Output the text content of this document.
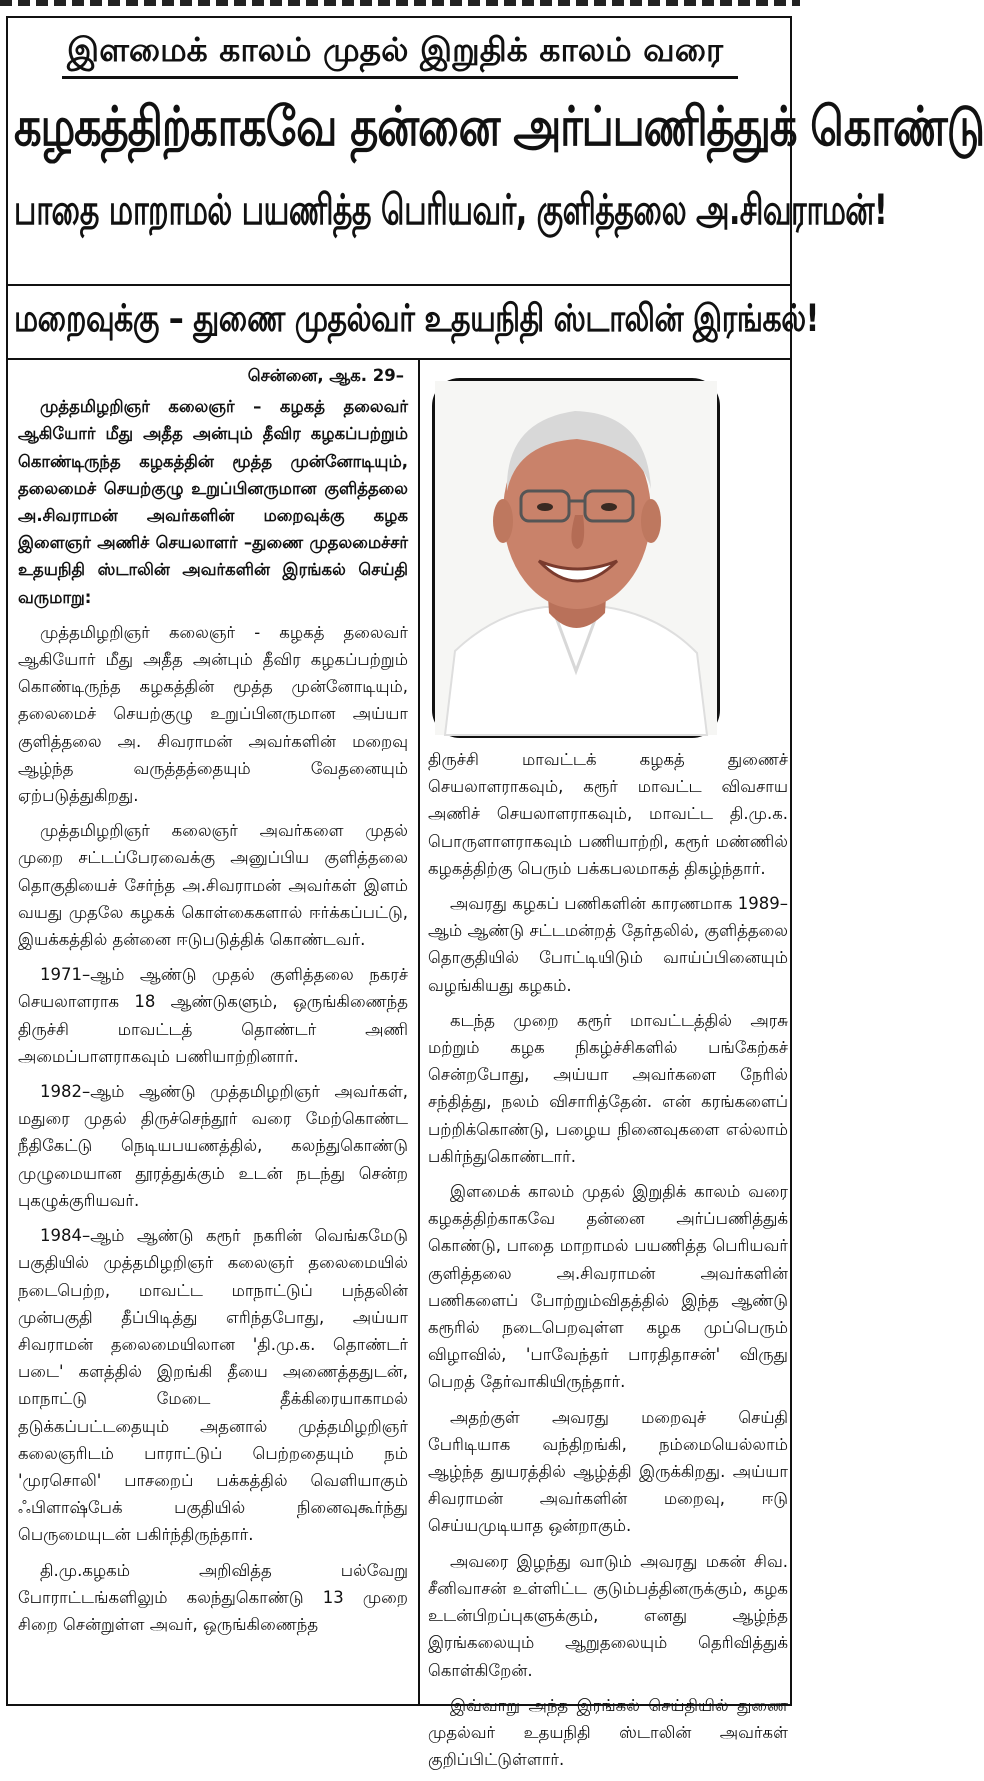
இளமைக் காலம் முதல் இறுதிக் காலம் வரை
கழகத்திற்காகவே தன்னை அர்ப்பணித்துக் கொண்டு
பாதை மாறாமல் பயணித்த பெரியவர், குளித்தலை அ.சிவராமன்!
மறைவுக்கு – துணை முதல்வர் உதயநிதி ஸ்டாலின் இரங்கல்!
சென்னை, ஆக. 29–

முத்தமிழறிஞர் கலைஞர் – கழகத் தலைவர் ஆகியோர் மீது அதீத அன்பும் தீவிர கழகப்பற்றும் கொண்டிருந்த கழகத்தின் மூத்த முன்னோடியும், தலைமைச் செயற்குழு உறுப்பினருமான குளித்தலை அ.சிவராமன் அவர்களின் மறைவுக்கு கழக இளைஞர் அணிச் செயலாளர் –துணை முதலமைச்சர் உதயநிதி ஸ்டாலின் அவர்களின் இரங்கல் செய்தி வருமாறு:

முத்தமிழறிஞர் கலைஞர் - கழகத் தலைவர் ஆகியோர் மீது அதீத அன்பும் தீவிர கழகப்பற்றும் கொண்டிருந்த கழகத்தின் மூத்த முன்னோடியும், தலைமைச் செயற்குழு உறுப்பினருமான அய்யா குளித்தலை அ. சிவராமன் அவர்களின் மறைவு ஆழ்ந்த வருத்தத்தையும் வேதனையும் ஏற்படுத்துகிறது.

முத்தமிழறிஞர் கலைஞர் அவர்களை முதல் முறை சட்டப்பேரவைக்கு அனுப்பிய குளித்தலை தொகுதியைச் சேர்ந்த அ.சிவராமன் அவர்கள் இளம் வயது முதலே கழகக் கொள்கைகளால் ஈர்க்கப்பட்டு, இயக்கத்தில் தன்னை ஈடுபடுத்திக் கொண்டவர்.

1971–ஆம் ஆண்டு முதல் குளித்தலை நகரச் செயலாளராக 18 ஆண்டுகளும், ஒருங்கிணைந்த திருச்சி மாவட்டத் தொண்டர் அணி அமைப்பாளராகவும் பணியாற்றினார்.

1982–ஆம் ஆண்டு முத்தமிழறிஞர் அவர்கள், மதுரை முதல் திருச்செந்தூர் வரை மேற்கொண்ட நீதிகேட்டு நெடியபயணத்தில், கலந்துகொண்டு முழுமையான தூரத்துக்கும் உடன் நடந்து சென்ற புகழுக்குரியவர்.

1984–ஆம் ஆண்டு கரூர் நகரின் வெங்கமேடு பகுதியில் முத்தமிழறிஞர் கலைஞர் தலைமையில் நடைபெற்ற, மாவட்ட மாநாட்டுப் பந்தலின் முன்பகுதி தீப்பிடித்து எரிந்தபோது, அய்யா சிவராமன் தலைமையிலான 'தி.மு.க. தொண்டர் படை' களத்தில் இறங்கி தீயை அணைத்ததுடன், மாநாட்டு மேடை தீக்கிரையாகாமல் தடுக்கப்பட்டதையும் அதனால் முத்தமிழறிஞர் கலைஞரிடம் பாராட்டுப் பெற்றதையும் நம் 'முரசொலி' பாசறைப் பக்கத்தில் வெளியாகும் ஃபிளாஷ்பேக் பகுதியில் நினைவுகூர்ந்து பெருமையுடன் பகிர்ந்திருந்தார்.

தி.மு.கழகம் அறிவித்த பல்வேறு போராட்டங்களிலும் கலந்துகொண்டு 13 முறை சிறை சென்றுள்ள அவர், ஒருங்கிணைந்த

திருச்சி மாவட்டக் கழகத் துணைச் செயலாளராகவும், கரூர் மாவட்ட விவசாய அணிச் செயலாளராகவும், மாவட்ட தி.மு.க. பொருளாளராகவும் பணியாற்றி, கரூர் மண்ணில் கழகத்திற்கு பெரும் பக்கபலமாகத் திகழ்ந்தார்.

அவரது கழகப் பணிகளின் காரணமாக 1989–ஆம் ஆண்டு சட்டமன்றத் தேர்தலில், குளித்தலை தொகுதியில் போட்டியிடும் வாய்ப்பினையும் வழங்கியது கழகம்.

கடந்த முறை கரூர் மாவட்டத்தில் அரசு மற்றும் கழக நிகழ்ச்சிகளில் பங்கேற்கச் சென்றபோது, அய்யா அவர்களை நேரில் சந்தித்து, நலம் விசாரித்தேன். என் கரங்களைப் பற்றிக்கொண்டு, பழைய நினைவுகளை எல்லாம் பகிர்ந்துகொண்டார்.

இளமைக் காலம் முதல் இறுதிக் காலம் வரை கழகத்திற்காகவே தன்னை அர்ப்பணித்துக் கொண்டு, பாதை மாறாமல் பயணித்த பெரியவர் குளித்தலை அ.சிவராமன் அவர்களின் பணிகளைப் போற்றும்விதத்தில் இந்த ஆண்டு கரூரில் நடைபெறவுள்ள கழக முப்பெரும் விழாவில், 'பாவேந்தர் பாரதிதாசன்' விருது பெறத் தேர்வாகியிருந்தார்.

அதற்குள் அவரது மறைவுச் செய்தி பேரிடியாக வந்திறங்கி, நம்மையெல்லாம் ஆழ்ந்த துயரத்தில் ஆழ்த்தி இருக்கிறது. அய்யா சிவராமன் அவர்களின் மறைவு, ஈடு செய்யமுடியாத ஒன்றாகும்.

அவரை இழந்து வாடும் அவரது மகன் சிவ. சீனிவாசன் உள்ளிட்ட குடும்பத்தினருக்கும், கழக உடன்பிறப்புகளுக்கும், எனது ஆழ்ந்த இரங்கலையும் ஆறுதலையும் தெரிவித்துக் கொள்கிறேன்.

இவ்வாறு அந்த இரங்கல் செய்தியில் துணை முதல்வர் உதயநிதி ஸ்டாலின் அவர்கள் குறிப்பிட்டுள்ளார்.
